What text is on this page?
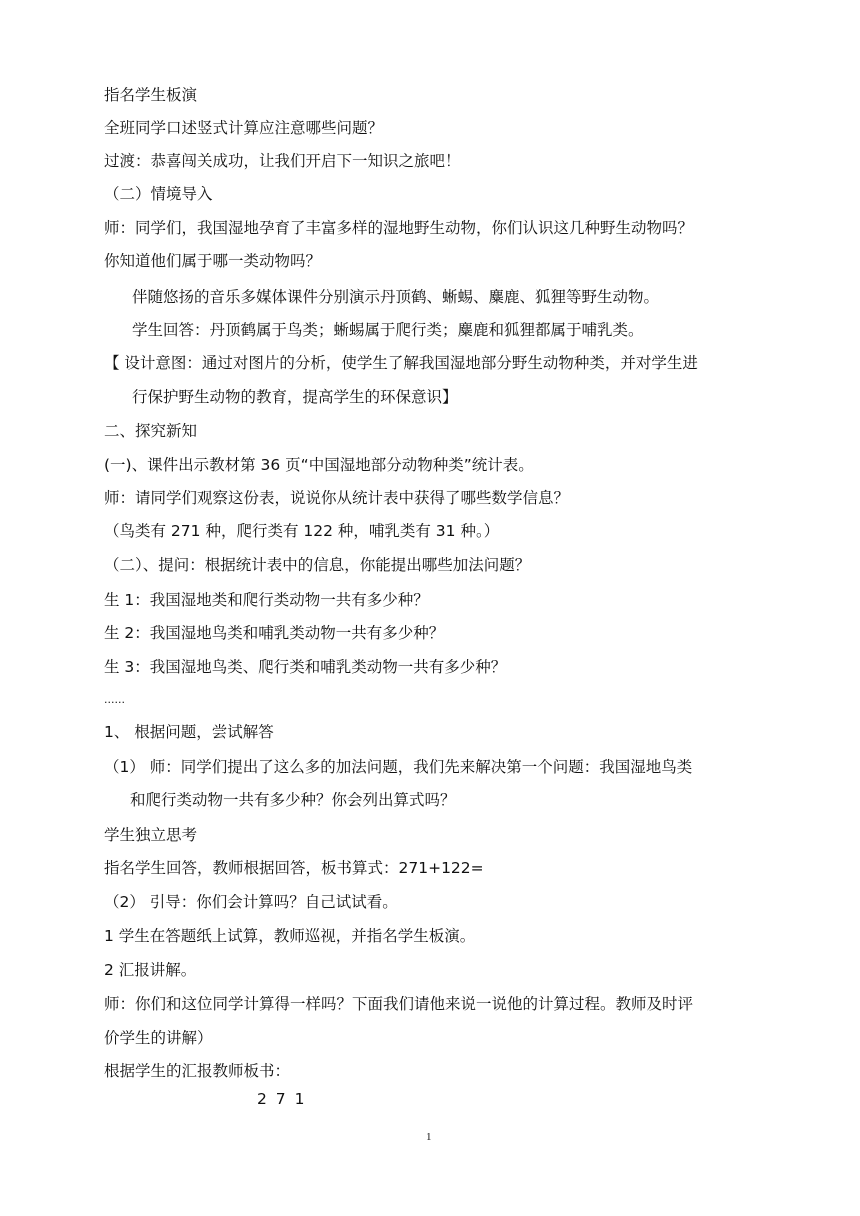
指名学生板演
全班同学口述竖式计算应注意哪些问题？
过渡：恭喜闯关成功，让我们开启下一知识之旅吧！
（二）情境导入
师：同学们，我国湿地孕育了丰富多样的湿地野生动物，你们认识这几种野生动物吗？
你知道他们属于哪一类动物吗？
伴随悠扬的音乐多媒体课件分别演示丹顶鹤、蜥蜴、麋鹿、狐狸等野生动物。
学生回答：丹顶鹤属于鸟类；蜥蜴属于爬行类；麋鹿和狐狸都属于哺乳类。
【 设计意图：通过对图片的分析，使学生了解我国湿地部分野生动物种类，并对学生进
行保护野生动物的教育，提高学生的环保意识】
二、探究新知
(一)、课件出示教材第 36 页“中国湿地部分动物种类”统计表。
师：请同学们观察这份表，说说你从统计表中获得了哪些数学信息？
（鸟类有 271 种，爬行类有 122 种，哺乳类有 31 种。）
（二）、提问：根据统计表中的信息，你能提出哪些加法问题？
生 1：我国湿地类和爬行类动物一共有多少种？
生 2：我国湿地鸟类和哺乳类动物一共有多少种？
生 3：我国湿地鸟类、爬行类和哺乳类动物一共有多少种？
......
1、 根据问题，尝试解答
（1） 师：同学们提出了这么多的加法问题，我们先来解决第一个问题：我国湿地鸟类
和爬行类动物一共有多少种？你会列出算式吗？
学生独立思考
指名学生回答，教师根据回答，板书算式：271+122=
（2） 引导：你们会计算吗？自己试试看。
1 学生在答题纸上试算，教师巡视，并指名学生板演。
2 汇报讲解。
师：你们和这位同学计算得一样吗？下面我们请他来说一说他的计算过程。教师及时评
价学生的讲解）
根据学生的汇报教师板书：
2 7 1
1
